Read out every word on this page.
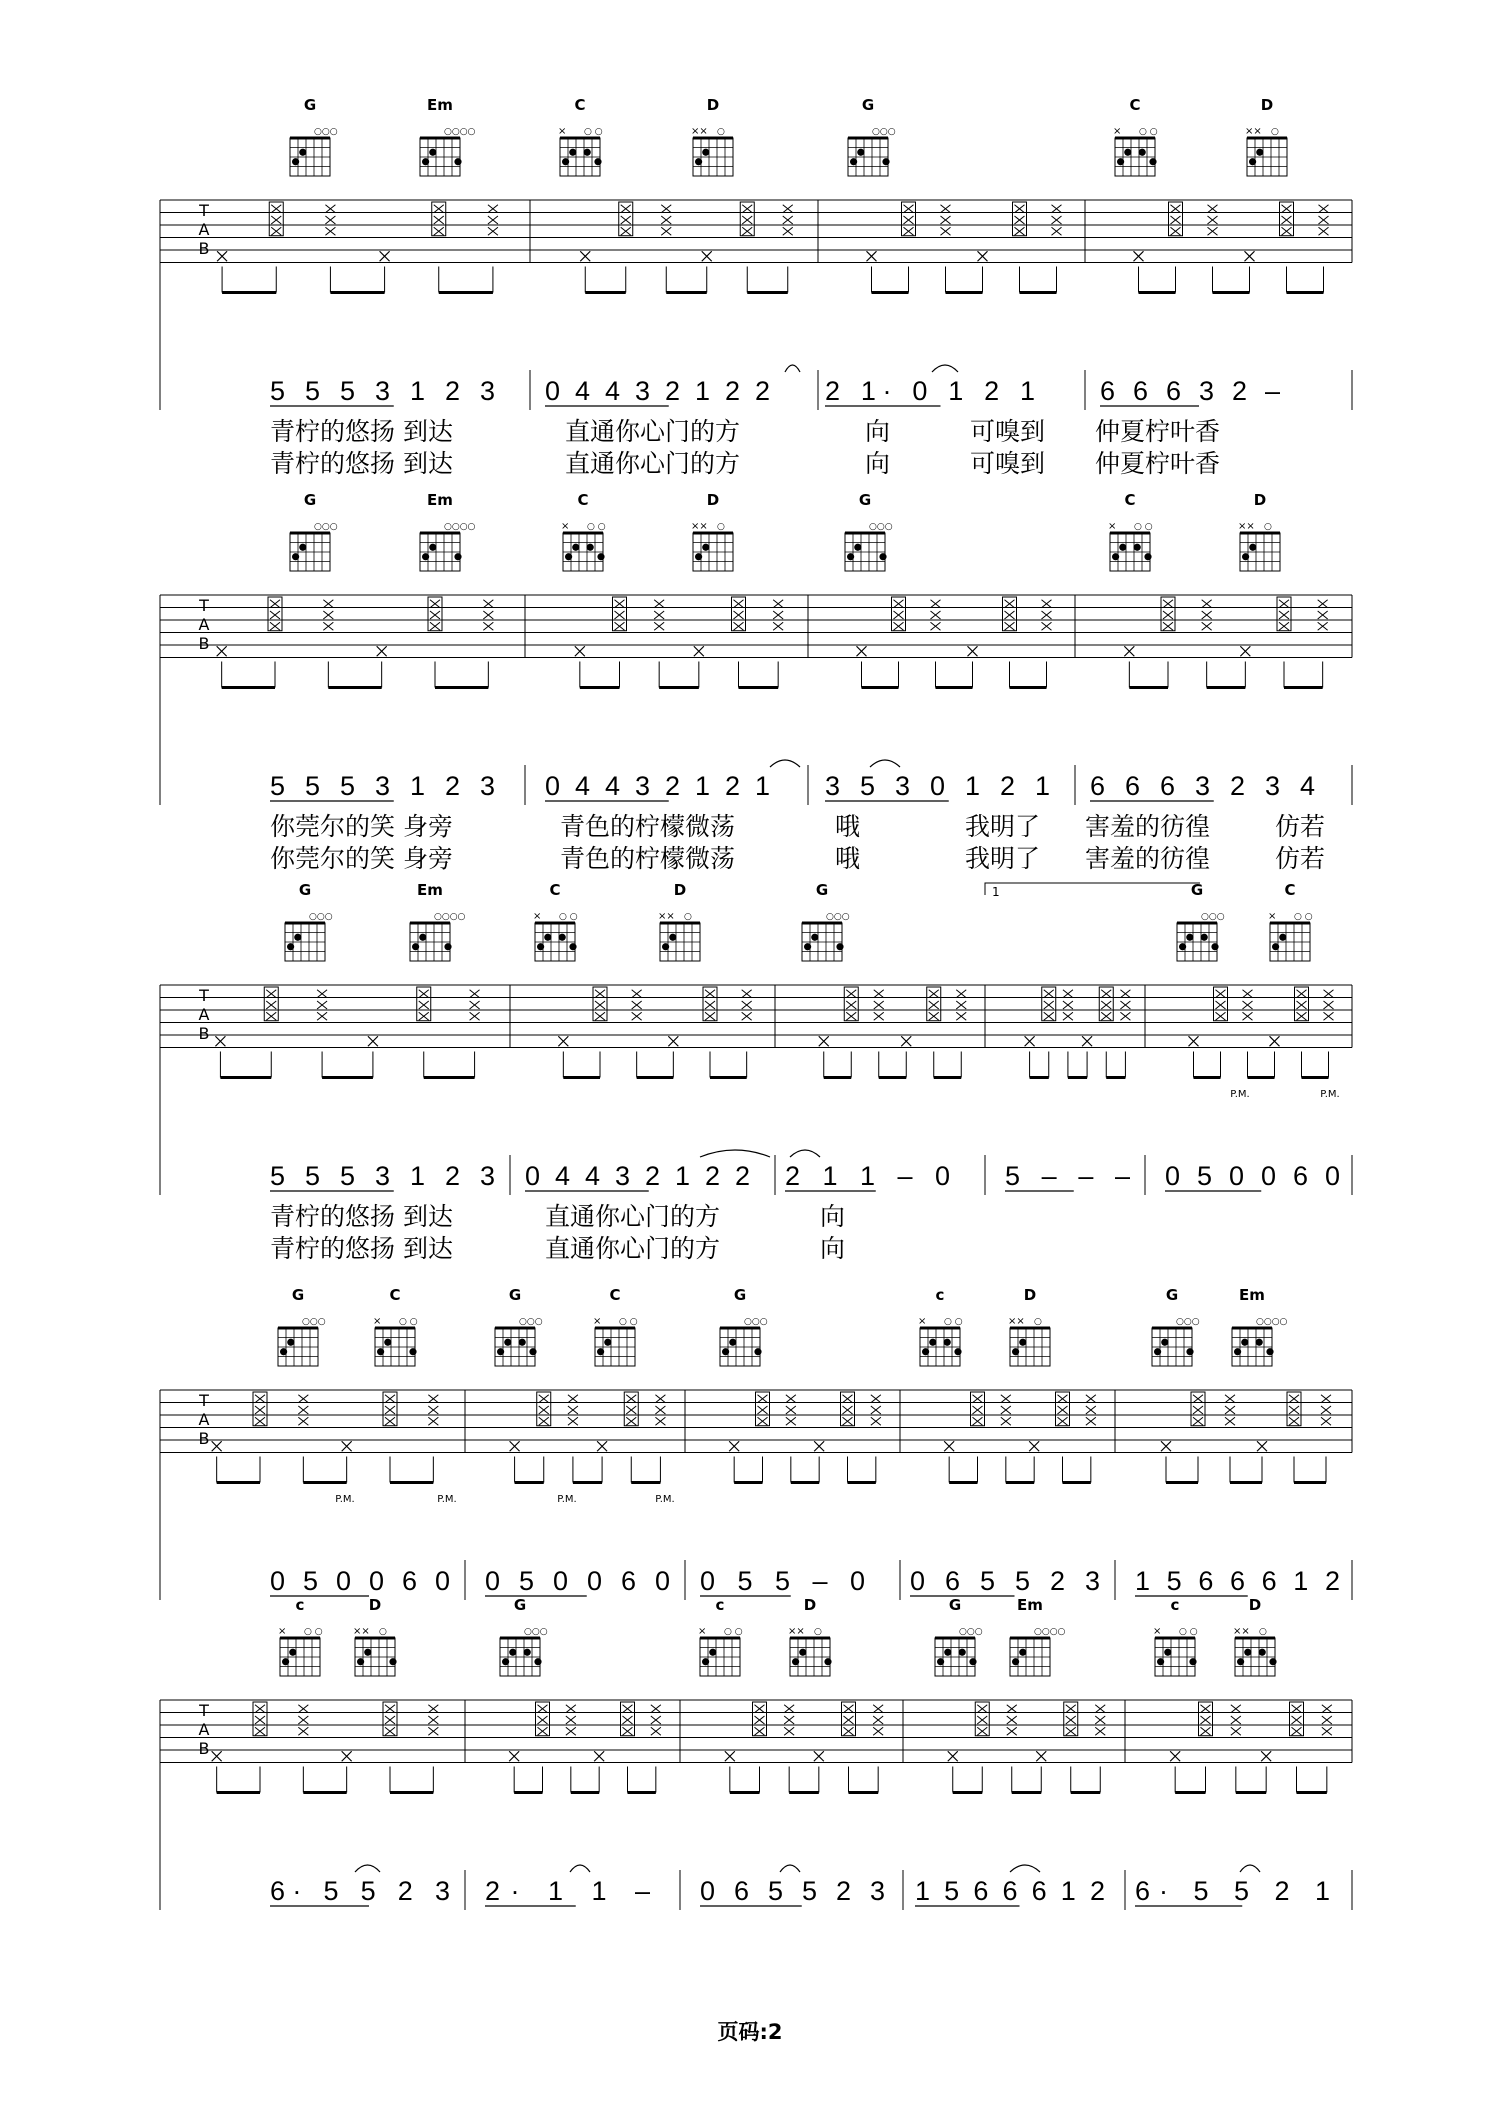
G
○○○
Em
○○○○
C
× ○ ○
D
×× ○
G
○○○
C
× ○ ○
D
×× ○
T
A
B
5 5 5 3 1 2 3 0 4 4 3 2 1 2 2 2 1· 0 1 2 1 6 6 6 3 2 –
青柠的悠扬 到达	直通你心门的方	向	可嗅到 仲夏柠叶香
青柠的悠扬 到达	直通你心门的方	向	可嗅到 仲夏柠叶香
G
○○○
Em
○○○○
C
× ○ ○
D
×× ○
G
○○○
C
× ○ ○
D
×× ○
T
A
B
5 5 5 3 1 2 3 0 4 4 3 2 1 2 1 3 5 3 0 1 2 1 6 6 6 3 2 3 4
你莞尔的笑 身旁	青色的柠檬微荡	哦	我明了 害羞的彷徨	仿若
你莞尔的笑 身旁	青色的柠檬微荡	哦	我明了 害羞的彷徨	仿若
1
G
○○○
Em
○○○○
C
× ○ ○
D
×× ○
G
○○○
G
○○○
C
× ○ ○
T
A
B
P.M.	P.M.
5 5 5 3 1 2 3 0 4 4 3 2 1 2 2 2 1 1 – 0 5 – – – 0 5 0 0 6 0
青柠的悠扬 到达	直通你心门的方	向
青柠的悠扬 到达	直通你心门的方	向
G
○○○
C
× ○ ○
G
○○○
C
× ○ ○
G
○○○
c
× ○ ○
D
×× ○
G
○○○
Em
○○○○
T
A
B
P.M.	P.M.	P.M.	P.M.
0 5 0 0 6 0 0 5 0 0 6 0 0 5 5 – 0 0 6 5 5 2 3 1 5 6 6 6 1 2
c
× ○ ○
D
×× ○
G
○○○
c
× ○ ○
D
×× ○
G
○○○
Em
○○○○
c
× ○ ○
D
×× ○
T
A
B
6· 5 5 2 3 2· 1 1 – 0 6 5 5 2 3 1 5 6 6 6 1 2 6· 5 5 2 1
页码:2
